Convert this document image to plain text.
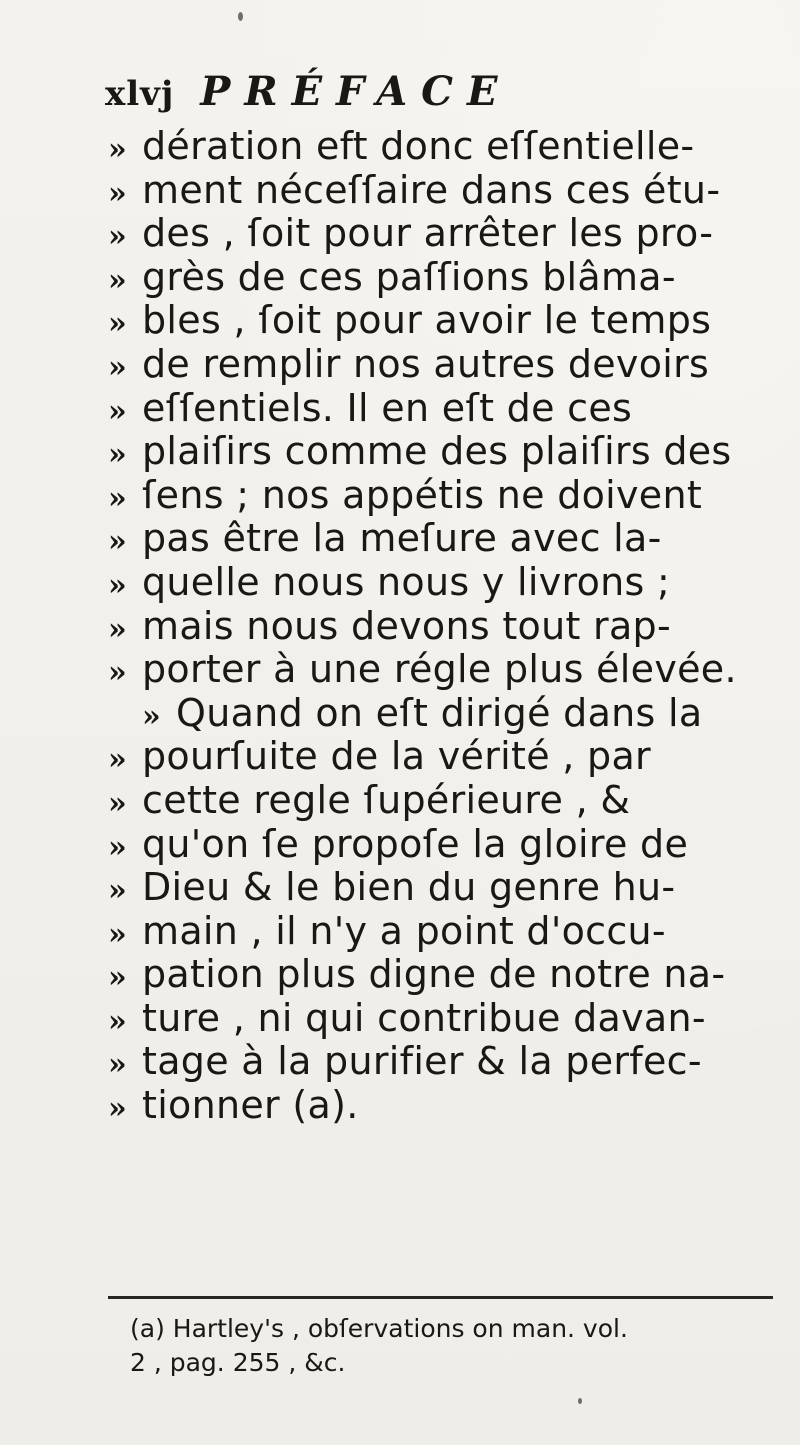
xlvj PRÉFACE
» dération eft donc eſſentielle-
» ment néceſſaire dans ces étu-
» des , ſoit pour arrêter les pro-
» grès de ces paſſions blâma-
» bles , ſoit pour avoir le temps
» de remplir nos autres devoirs
» eſſentiels. Il en eſt de ces
» plaiſirs comme des plaiſirs des
» ſens ; nos appétis ne doivent
» pas être la meſure avec la-
» quelle nous nous y livrons ;
» mais nous devons tout rap-
» porter à une régle plus élevée.
» Quand on eſt dirigé dans la
» pourſuite de la vérité , par
» cette regle ſupérieure , &
» qu'on ſe propoſe la gloire de
» Dieu & le bien du genre hu-
» main , il n'y a point d'occu-
» pation plus digne de notre na-
» ture , ni qui contribue davan-
» tage à la purifier & la perfec-
» tionner (a).
(a) Hartley's , obſervations on man. vol.
2 , pag. 255 , &c.
